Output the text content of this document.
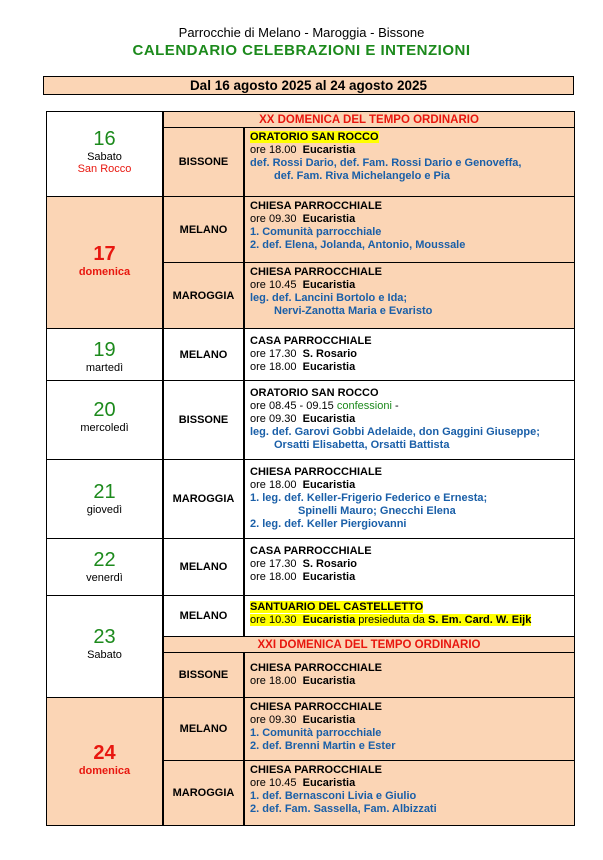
Parrocchie di Melano - Maroggia - Bissone
CALENDARIO CELEBRAZIONI E INTENZIONI
Dal 16 agosto 2025 al 24 agosto 2025
XX DOMENICA DEL TEMPO ORDINARIO
16
Sabato
San Rocco
BISSONE
ORATORIO SAN ROCCO
ore 18.00 Eucaristia
def. Rossi Dario, def. Fam. Rossi Dario e Genoveffa,
def. Fam. Riva Michelangelo e Pia
17
domenica
MELANO
CHIESA PARROCCHIALE
ore 09.30 Eucaristia
1. Comunità parrocchiale
2. def. Elena, Jolanda, Antonio, Moussale
MAROGGIA
CHIESA PARROCCHIALE
ore 10.45 Eucaristia
leg. def. Lancini Bortolo e Ida;
Nervi-Zanotta Maria e Evaristo
19
martedì
MELANO
CASA PARROCCHIALE
ore 17.30 S. Rosario
ore 18.00 Eucaristia
20
mercoledì
BISSONE
ORATORIO SAN ROCCO
ore 08.45 - 09.15 confessioni -
ore 09.30 Eucaristia
leg. def. Garovi Gobbi Adelaide, don Gaggini Giuseppe;
Orsatti Elisabetta, Orsatti Battista
21
giovedì
MAROGGIA
CHIESA PARROCCHIALE
ore 18.00 Eucaristia
1. leg. def. Keller-Frigerio Federico e Ernesta;
Spinelli Mauro; Gnecchi Elena
2. leg. def. Keller Piergiovanni
22
venerdì
MELANO
CASA PARROCCHIALE
ore 17.30 S. Rosario
ore 18.00 Eucaristia
23
Sabato
MELANO
SANTUARIO DEL CASTELLETTO
ore 10.30 Eucaristia presieduta da S. Em. Card. W. Eijk
XXI DOMENICA DEL TEMPO ORDINARIO
BISSONE
CHIESA PARROCCHIALE
ore 18.00 Eucaristia
24
domenica
MELANO
CHIESA PARROCCHIALE
ore 09.30 Eucaristia
1. Comunità parrocchiale
2. def. Brenni Martin e Ester
MAROGGIA
CHIESA PARROCCHIALE
ore 10.45 Eucaristia
1. def. Bernasconi Livia e Giulio
2. def. Fam. Sassella, Fam. Albizzati
